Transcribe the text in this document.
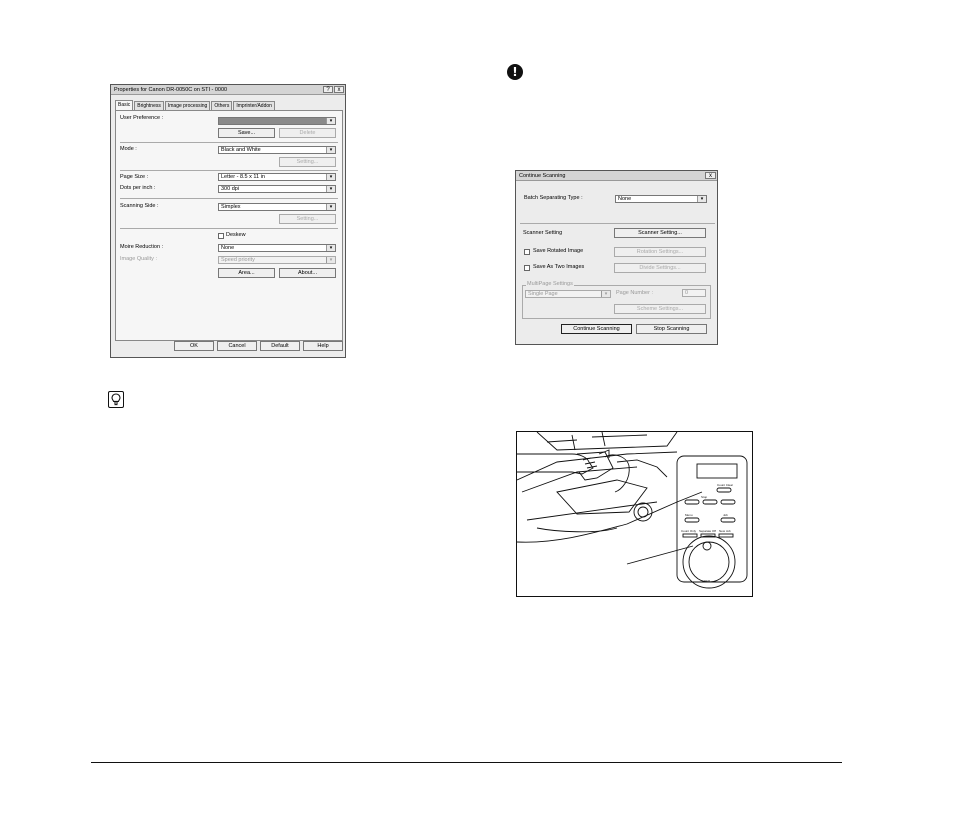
Properties for Canon DR-0050C on STI - 0000	?	x
Basic	Brightness	Image processing	Others	Imprinter/Addon
User Preference :	▾
Save...	Delete
Mode :	Black and White	▾
Setting...
Page Size :	Letter - 8.5 x 11 in	▾
Dots per inch :	300 dpi	▾
Scanning Side :	Simplex	▾
Setting...
Deskew
Moire Reduction :	None	▾
Image Quality :	Speed priority	▾
Area...	About...
OK	Cancel	Default	Help
!
Continue Scanning	x
Batch Separating Type :	None	▾
Scanner Setting	Scanner Setting...
Save Rotated Image	Rotation Settings...
Save As Two Images	Divide Settings...
MultiPage Settings
Single Page	▾	Page Number :	0
Scheme Settings...
Continue Scanning	Stop Scanning
Count Clear
Stop
Menu	Job
Count Only Separate Off New Job
DFR
